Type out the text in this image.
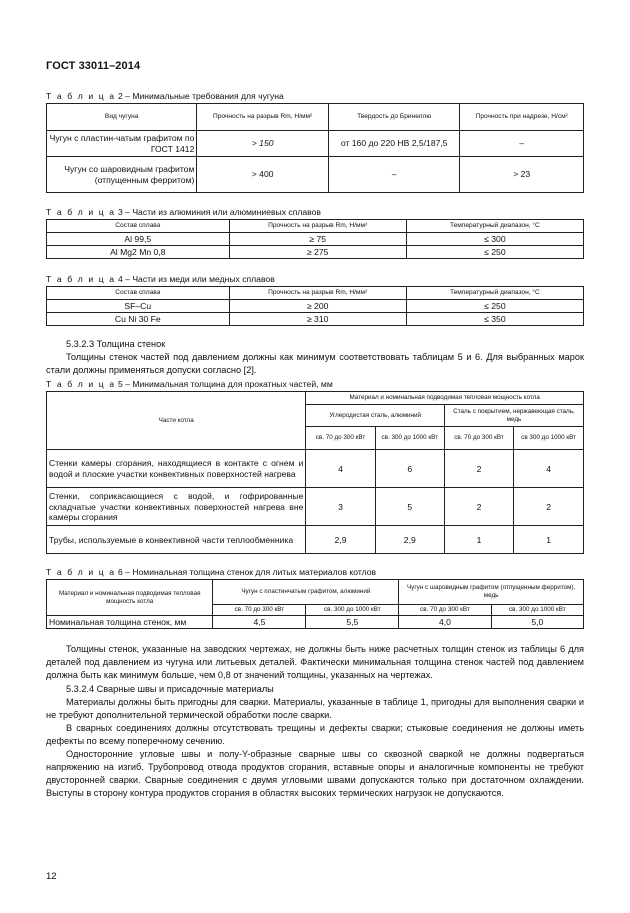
ГОСТ 33011–2014
Т а б л и ц а 2 – Минимальные требования для чугуна
Вид чугуна	Прочность на разрыв Rm, Н/мм²	Твердость до Бринеллю	Прочность при надрезе, Н/см²
Чугун с пластин-чатым графитом по ГОСТ 1412	> 150	от 160 до 220 НВ 2,5/187,5	–
Чугун со шаровидным графитом (отпущенным ферритом)	> 400	–	> 23
Т а б л и ц а 3 – Части из алюминия или алюминиевых сплавов
Состав сплава	Прочность на разрыв Rm, Н/мм²	Температурный диапазон, °С
Al 99,5	≥ 75	≤ 300
Al Mg2 Mn 0,8	≥ 275	≤ 250
Т а б л и ц а 4 – Части из меди или медных сплавов
Состав сплава	Прочность на разрыв Rm, Н/мм²	Температурный диапазон, °С
SF–Cu	≥ 200	≤ 250
Cu Ni 30 Fe	≥ 310	≤ 350

5.3.2.3 Толщина стенок

Толщины стенок частей под давлением должны как минимум соответствовать таблицам 5 и 6. Для выбранных марок стали должны применяться допуски согласно [2].

Т а б л и ц а 5 – Минимальная толщина для прокатных частей, мм
Части котла	Материал и номинальная подводимая тепловая мощность котла			
	Углеродистая сталь, алюминий		Сталь с покрытием, нержавеющая сталь, медь	
	св. 70 до 300 кВт	св. 300 до 1000 кВт	св. 70 до 300 кВт	св 300 до 1000 кВт
Стенки камеры сгорания, находящиеся в контакте с огнем и водой и плоские участки конвективных поверхностей нагрева	4	6	2	4
Стенки, соприкасающиеся с водой, и гофрированные складчатые участки конвективных поверхностей нагрева вне камеры сгорания	3	5	2	2
Трубы, используемые в конвективной части теплообменника	2,9	2,9	1	1
Т а б л и ц а 6 – Номинальная толщина стенок для литых материалов котлов
Материал и номинальная подводимая тепловая мощность котла	Чугун с пластинчатым графитом, алюминий		Чугун с шаровидным графитом (отпущенным ферритом), медь	
	св. 70 до 300 кВт	св. 300 до 1000 кВт	св. 70 до 300 кВт	св. 300 до 1000 кВт
Номинальная толщина стенок, мм	4,5	5,5	4,0	5,0

Толщины стенок, указанные на заводских чертежах, не должны быть ниже расчетных толщин стенок из таблицы 6 для деталей под давлением из чугуна или литьевых деталей. Фактически минимальная толщина стенок частей под давлением должна быть как минимум больше, чем 0,8 от значений толщины, указанных на чертежах.

5.3.2.4 Сварные швы и присадочные материалы

Материалы должны быть пригодны для сварки. Материалы, указанные в таблице 1, пригодны для выполнения сварки и не требуют дополнительной термической обработки после сварки.

В сварных соединениях должны отсутствовать трещины и дефекты сварки; стыковые соединения не должны иметь дефекты по всему поперечному сечению.

Односторонние угловые швы и полу-Y-образные сварные швы со сквозной сваркой не должны подвергаться напряжению на изгиб. Трубопровод отвода продуктов сгорания, вставные опоры и аналогичные компоненты не требуют двусторонней сварки. Сварные соединения с двумя угловыми швами допускаются только при достаточном охлаждении. Выступы в сторону контура продуктов сгорания в областях высоких термических нагрузок не допускаются.

12
